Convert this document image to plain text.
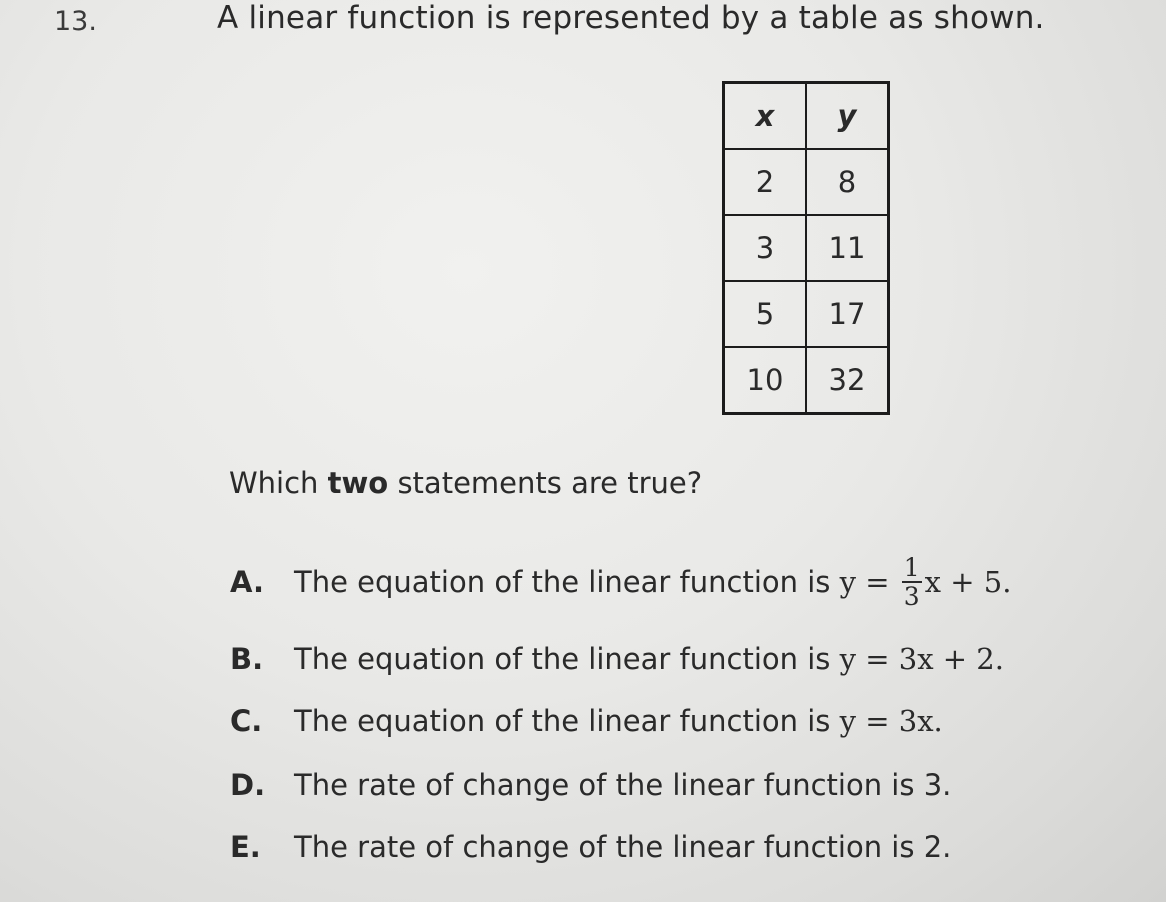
13.	A linear function is represented by a table as shown.
x	y
2	8
3	11
5	17
10	32
Which two statements are true?
A.	The equation of the linear function is $y = \frac{1}{3}$ x + 5.
B.	The equation of the linear function is y = 3x + 2.
C.	The equation of the linear function is y = 3x.
D. The rate of change of the linear function is 3.
E.	The rate of change of the linear function is 2.
